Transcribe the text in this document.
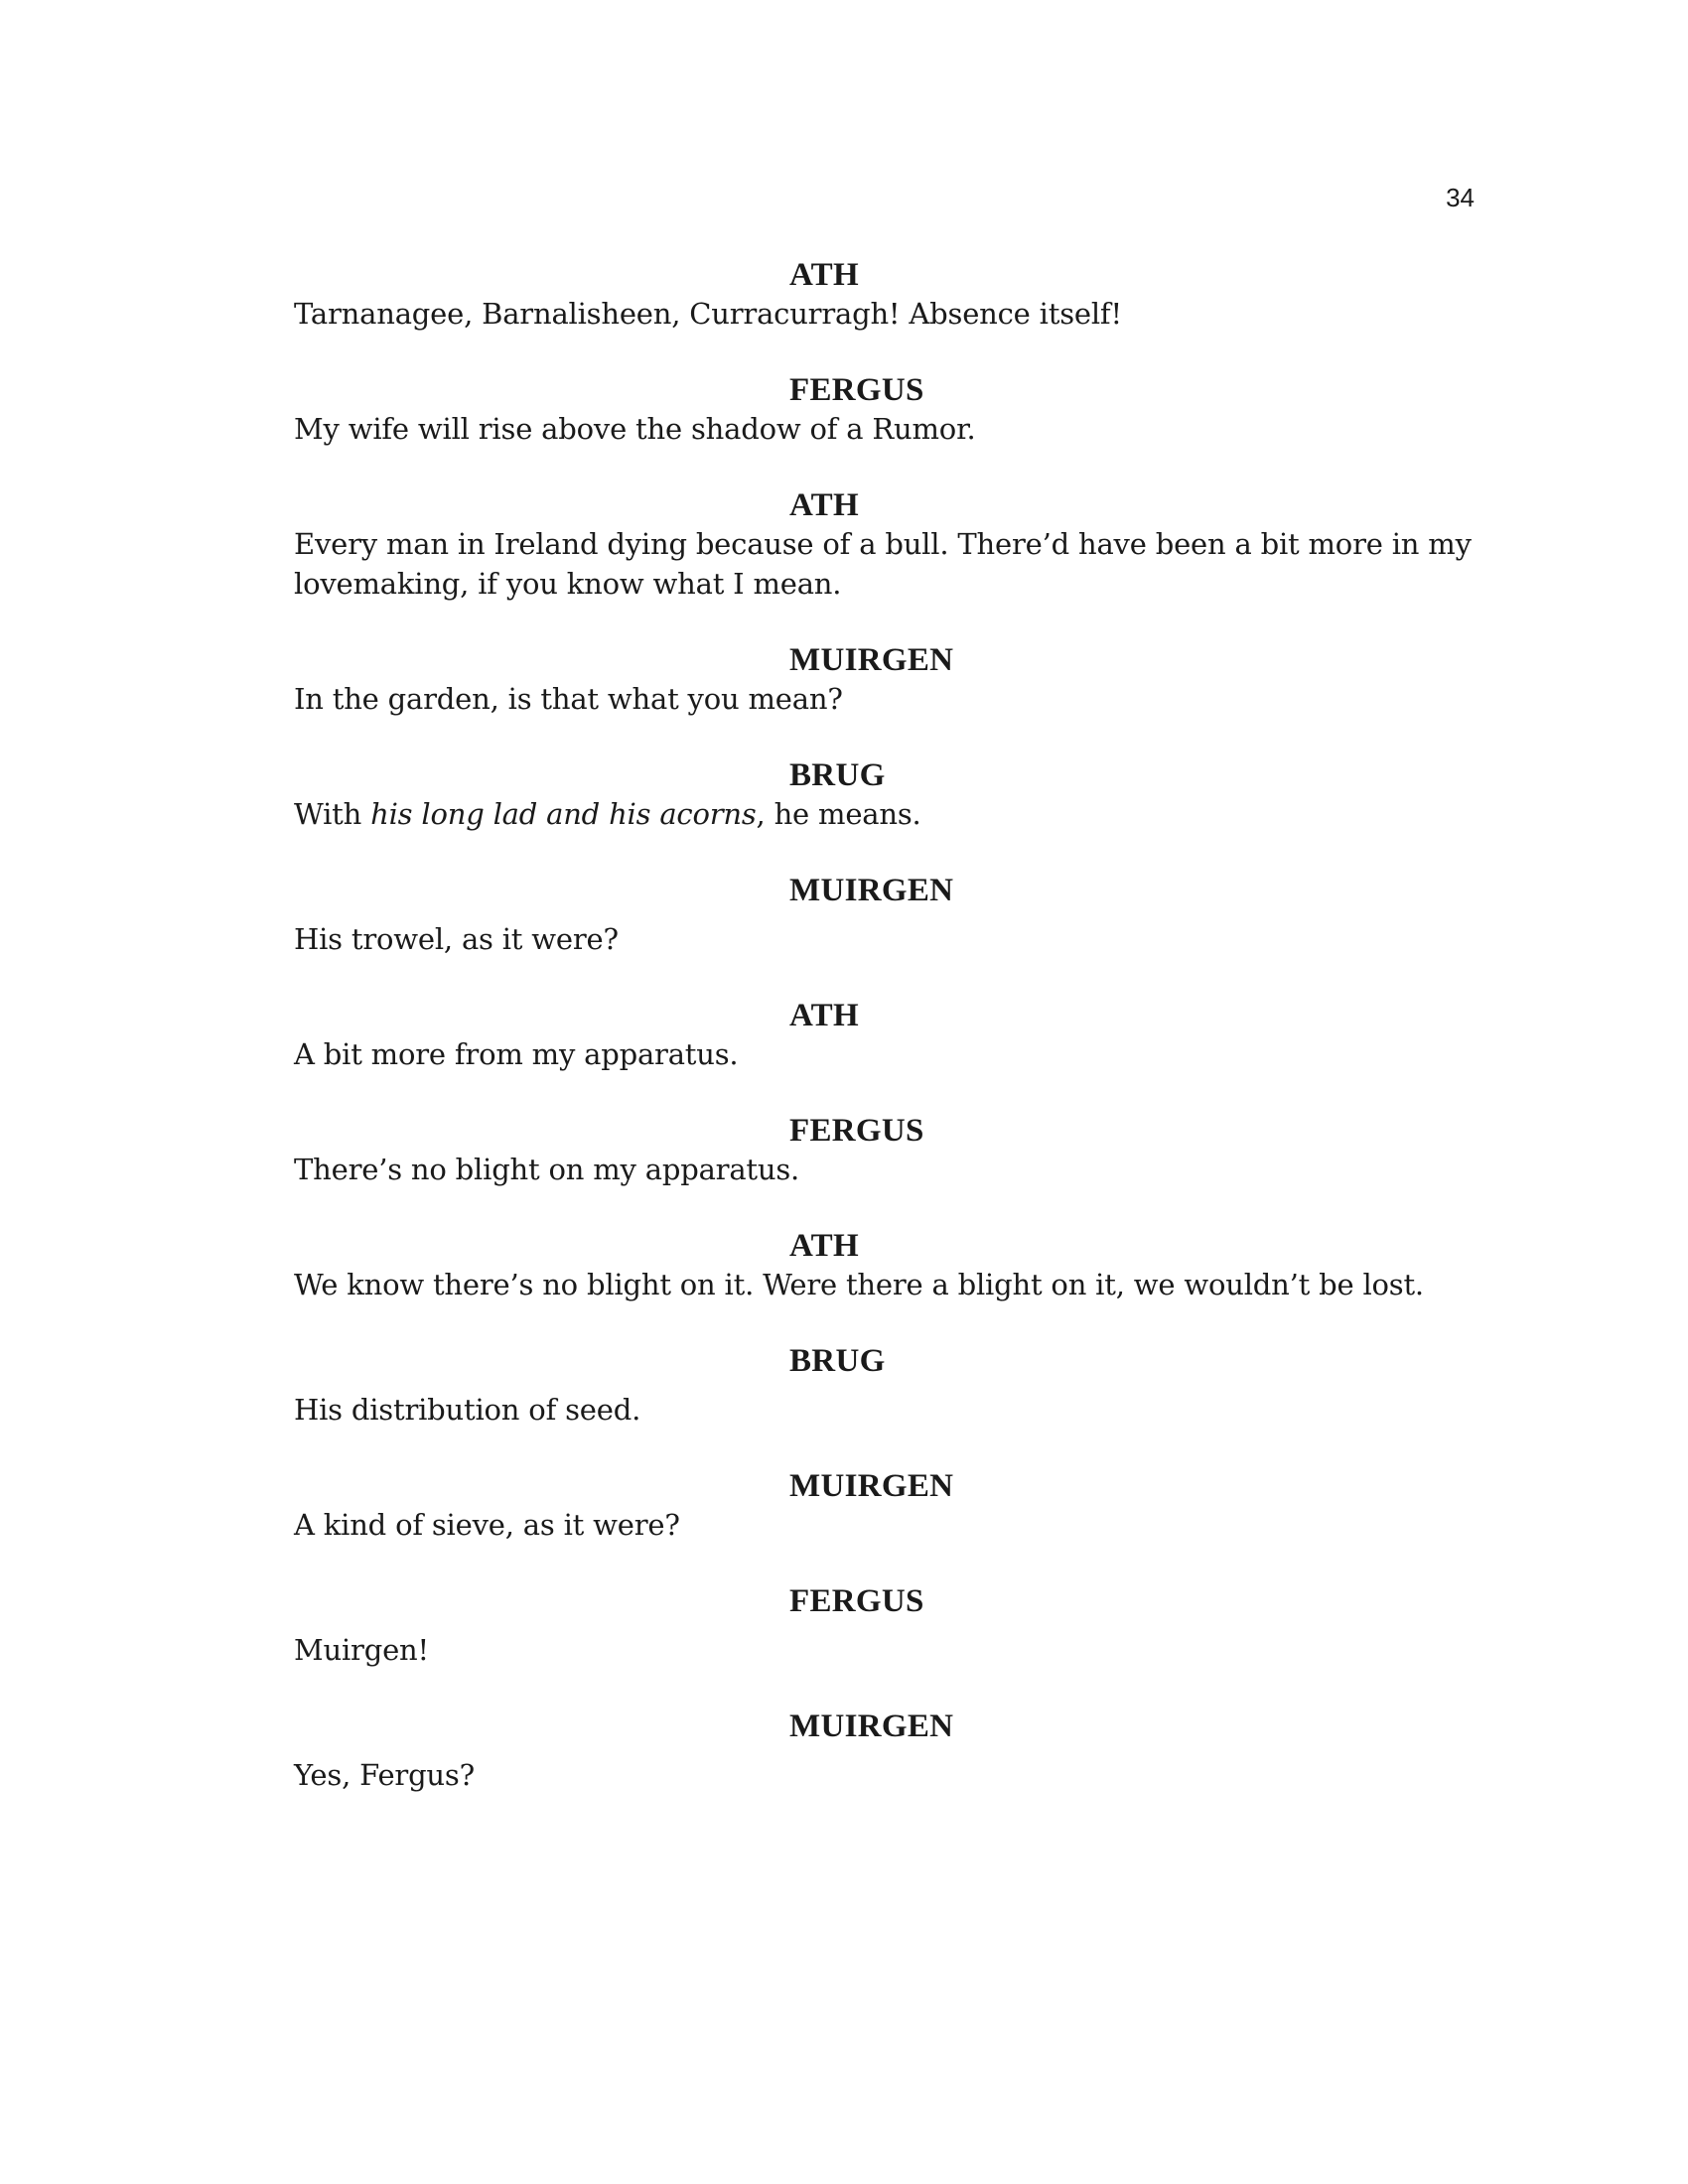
34
ATH
Tarnanagee, Barnalisheen, Curracurragh! Absence itself!
FERGUS
My wife will rise above the shadow of a Rumor.
ATH
Every man in Ireland dying because of a bull. There’d have been a bit more in my
lovemaking, if you know what I mean.
MUIRGEN
In the garden, is that what you mean?
BRUG
With his long lad and his acorns, he means.
MUIRGEN
His trowel, as it were?
ATH
A bit more from my apparatus.
FERGUS
There’s no blight on my apparatus.
ATH
We know there’s no blight on it. Were there a blight on it, we wouldn’t be lost.
BRUG
His distribution of seed.
MUIRGEN
A kind of sieve, as it were?
FERGUS
Muirgen!
MUIRGEN
Yes, Fergus?
